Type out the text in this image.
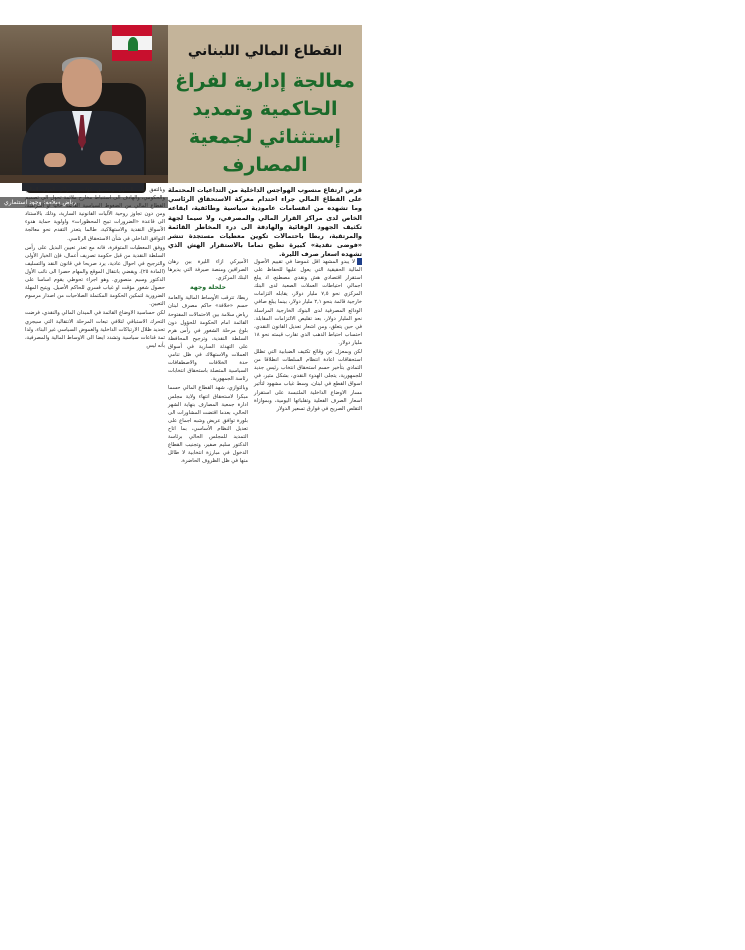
رياض سلامه: وجود استثماري
القطاع المالي اللبناني
معالجة إدارية لفراغ الحاكمية وتمديد إستثنائي لجمعية المصارف
فرض ارتفاع منسوب الهواجس الداخلية من التداعيات المحتملة على القطاع المالي جراء احتدام معركة الاستحقاق الرئاسي وما تشهده من انقسامات عامودية سياسية وطائفية، ايقاعه الخاص لدى مراكز القرار المالي والمصرفي، ولا سيما لجهة تكثيف الجهود الوقائية والهادفة الى درء المخاطر القائمة والمرتقبة، ربطا باحتمالات تكوين معطيات مستجدة تنشر «فوضى نقدية» كبيرة تطيح تماما بالاستقرار الهش الذي تشهده اسعار صرف الليرة.

لا يبدو المشهد اقل غموضا في تقييم الأصول المالية الحقيقية التي يعول عليها للحفاظ على استقرار اقتصادي هش ونقدي مصطنع، اذ يبلغ اجمالي احتياطات العملات الصعبة لدى البنك المركزي نحو ٧,٥ مليار دولار، يقابله التزامات خارجية قائمة بنحو ٢,١ مليار دولار، بينما يبلغ صافي الودائع المصرفية لدى البنوك الخارجية المراسلة نحو المليار دولار، بعد تقليص الالتزامات المقابلة. في حين يتعلق، ومن اشعار تعديل القانون النقدي، احتساب احتياط الذهب الذي تقارب قيمته نحو ١٨ مليار دولار.

لكن وبمعزل عن وقائع تكثيف الضبابية التي تظلل استحقاقات اعادة انتظام السلطات انطلاقا من التمادي بتأخير حسم استحقاق انتخاب رئيس جديد للجمهورية، يتجلى الهدوء النقدي، بشكل مثير، في اسواق القطع في لبنان، وسط غياب مشهود لتأثير مسار الاوضاع الداخلية الملتبسة على استقرار اسعار الصرف الفعلية وتقلباتها اليومية، وبموازاة التقلص الصريح في فوارق تسعير الدولار

الأميركي ازاء الليرة بين رهان الصرافين ومنصة صيرفة التي يديرها البنك المركزي.

حلحلة وجهة

ربطا، تترقب الأوساط المالية والعامة حسم «خلافة» حاكم مصرف لبنان رياض سلامة بين الاحتمالات المفتوحة القائمة امام الحكومة للحؤول دون بلوغ مرحلة الشغور في رأس هرم السلطة النقدية، وترجيح المحافظة على التهدئة السارية في أسواق العملات والاستهلاك في ظل تنامي حدة الخلافات والاصطفافات السياسية المتصلة باستحقاق انتخابات رئاسة الجمهورية.

وبالتوازي، شهد القطاع المالي حسما مبكرا لاستحقاق انتهاء ولاية مجلس ادارة جمعية المصارف بنهاية الشهر الحالي، بعدما اقتضت المشاورات الى بلورة توافق عريض وشبه اجماع على تعديل النظام الأساسي، بما اتاح التمديد للمجلس الحالي برئاسة الدكتور سليم صفير، وتجنيب القطاع الدخول في مبارزة انتخابية لا طائل منها في ظل الظروف الحاضرة.

وبالتفق عند التداول وبتحديق كوابيس مراكز القرار المالي والحكومي، والهادف الى استنباط مخارج ملائمة تحول الى تصميم القطاع المالي من الضغوط السياسية القائمة حاليا او المرتقبة، ومن دون تجاوز روحية الآليات القانونية السارية، وذلك بالاستناد الى قاعدة «الضرورات تبيح المحظورات» واولوية حماية هدوء الأسواق النقدية والاستهلاكية، طالما يتعذر التقدم نحو معالجة التوافق الداخلي في شأن الاستحقاق الرئاسي.

ووفق المعطيات المتوفرة، فانه مع تعذر تعيين البديل على رأس السلطة النقدية من قبل حكومة تصريف أعمال، فإن الخيار الأولى والترجيح في احوال عادية، يرد صريحا في قانون النقد والتسليف (المادة ٢٥)، ويقضي بانتقال الموقع والمهام حصرا الى نائب الأول الدكتور وسيم منصوري. وهو اجراء تحوطي يقوم اساسا على حصول شغور مؤقت او غياب قسري للحاكم الأصيل. ويتيح المهلة الضرورية لتمكين الحكومة المكتملة الصلاحيات من اصدار مرسوم التعيين.

لكن حساسية الاوضاع القائمة في الميدان المالي والنقدي، فرضت التحرك الاستباقي لتلافي تبعات المرحلة الانتقالية التي سيجري تحديد ظلال الارتباكات الداخلية والغموض السياسي غير البناء، ولذا ثمة قناعات سياسية وتشدد ايضا الى الاوساط المالية والمصرفية، بأنه ليس
